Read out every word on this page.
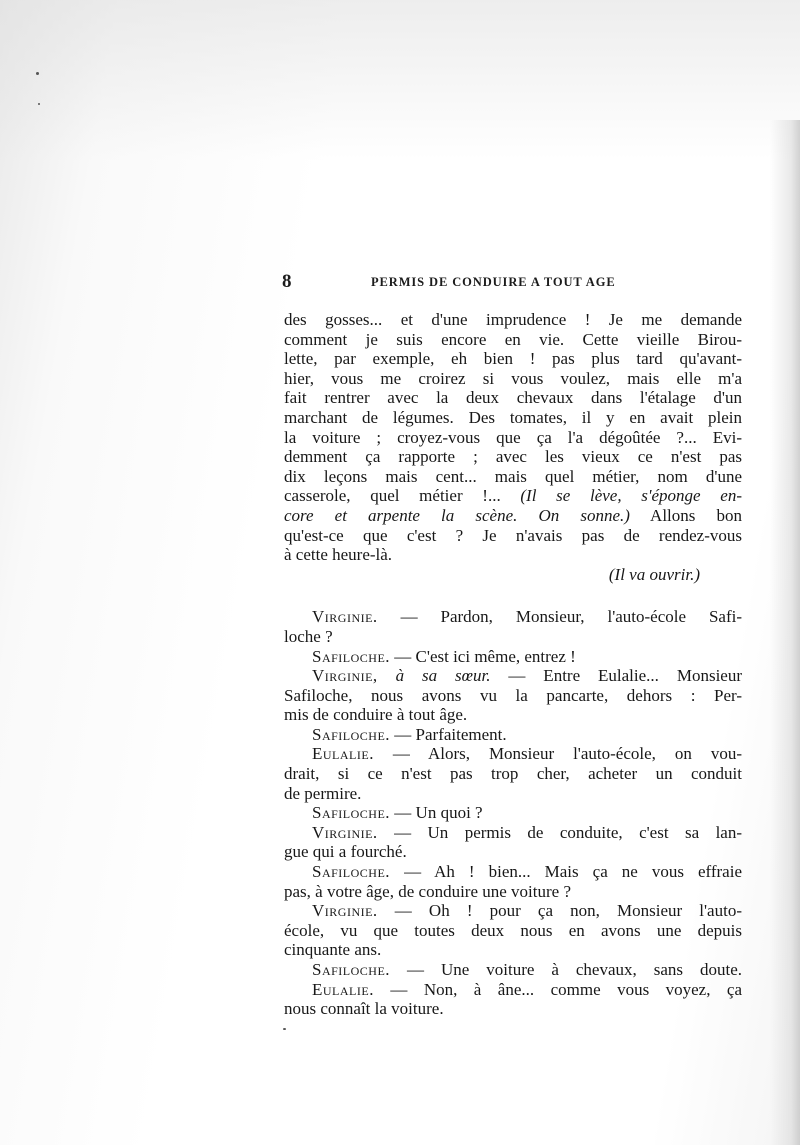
8	PERMIS DE CONDUIRE A TOUT AGE
des gosses... et d'une imprudence ! Je me demande
comment je suis encore en vie. Cette vieille Birou-
lette, par exemple, eh bien ! pas plus tard qu'avant-
hier, vous me croirez si vous voulez, mais elle m'a
fait rentrer avec la deux chevaux dans l'étalage d'un
marchant de légumes. Des tomates, il y en avait plein
la voiture ; croyez-vous que ça l'a dégoûtée ?... Evi-
demment ça rapporte ; avec les vieux ce n'est pas
dix leçons mais cent... mais quel métier, nom d'une
casserole, quel métier !... (Il se lève, s'éponge en-
core et arpente la scène. On sonne.) Allons bon
qu'est-ce que c'est ? Je n'avais pas de rendez-vous
à cette heure-là.
(Il va ouvrir.)
Virginie. — Pardon, Monsieur, l'auto-école Safi-
loche ?
Safiloche. — C'est ici même, entrez !
Virginie, à sa sœur. — Entre Eulalie... Monsieur
Safiloche, nous avons vu la pancarte, dehors : Per-
mis de conduire à tout âge.
Safiloche. — Parfaitement.
Eulalie. — Alors, Monsieur l'auto-école, on vou-
drait, si ce n'est pas trop cher, acheter un conduit
de permire.
Safiloche. — Un quoi ?
Virginie. — Un permis de conduite, c'est sa lan-
gue qui a fourché.
Safiloche. — Ah ! bien... Mais ça ne vous effraie
pas, à votre âge, de conduire une voiture ?
Virginie. — Oh ! pour ça non, Monsieur l'auto-
école, vu que toutes deux nous en avons une depuis
cinquante ans.
Safiloche. — Une voiture à chevaux, sans doute.
Eulalie. — Non, à âne... comme vous voyez, ça
nous connaît la voiture.
